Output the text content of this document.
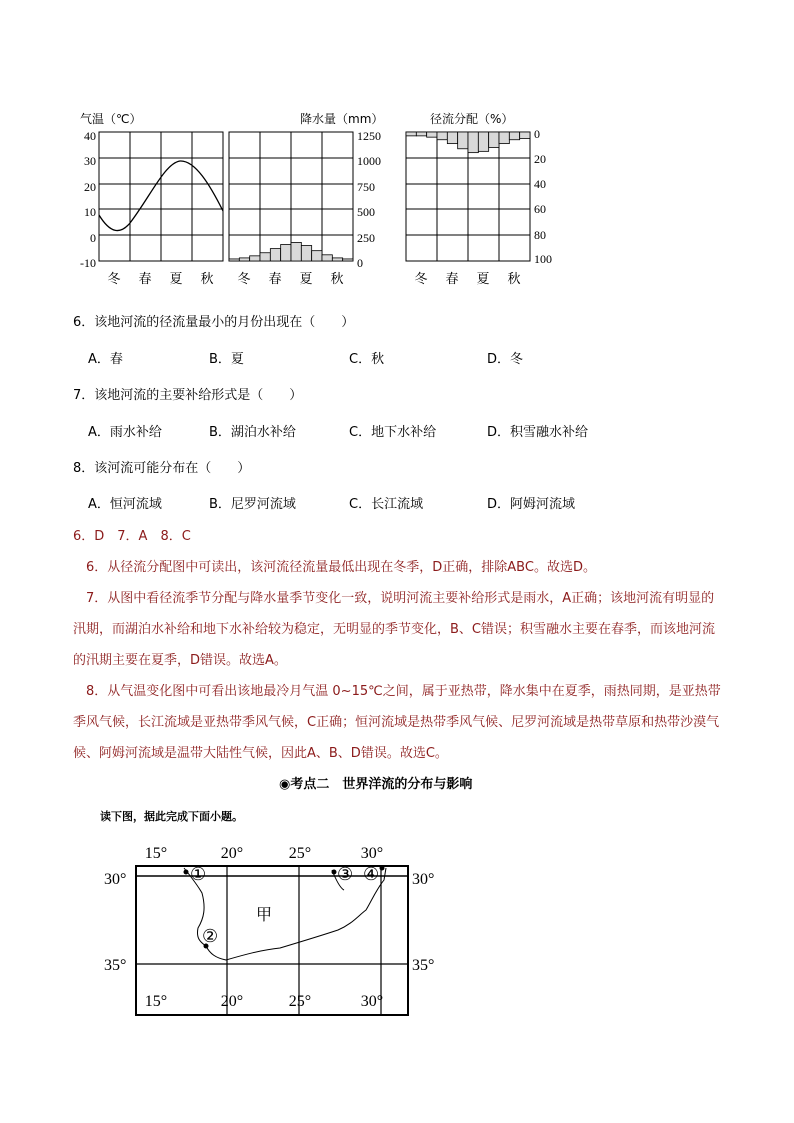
气温（℃）
40
30
20
10
0
-10
冬 春 夏 秋
降水量（mm）
1250
1000
750
500
250
0
冬 春 夏 秋
径流分配（%）
0
20
40
60
80
100
冬 春 夏 秋
6．该地河流的径流量最小的月份出现在（　　）
A．春	B．夏	C．秋	D．冬
7．该地河流的主要补给形式是（　　）
A．雨水补给	B．湖泊水补给	C．地下水补给	D．积雪融水补给
8．该河流可能分布在（　　）
A．恒河流域	B．尼罗河流域	C．长江流域	D．阿姆河流域

6．D　7．A　8．C

6．从径流分配图中可读出，该河流径流量最低出现在冬季，D正确，排除ABC。故选D。

7．从图中看径流季节分配与降水量季节变化一致，说明河流主要补给形式是雨水，A正确；该地河流有明显的汛期，而湖泊水补给和地下水补给较为稳定，无明显的季节变化，B、C错误；积雪融水主要在春季，而该地河流的汛期主要在夏季，D错误。故选A。

8．从气温变化图中可看出该地最冷月气温 0~15℃之间，属于亚热带，降水集中在夏季，雨热同期，是亚热带季风气候，长江流域是亚热带季风气候，C正确；恒河流域是热带季风气候、尼罗河流域是热带草原和热带沙漠气候、阿姆河流域是温带大陆性气候，因此A、B、D错误。故选C。

◉考点二　世界洋流的分布与影响
读下图，据此完成下面小题。
15°	20°	25°	30°
15°	20°	25°	30°
30°
35°
30°
35°
甲
①
②
③ ④
